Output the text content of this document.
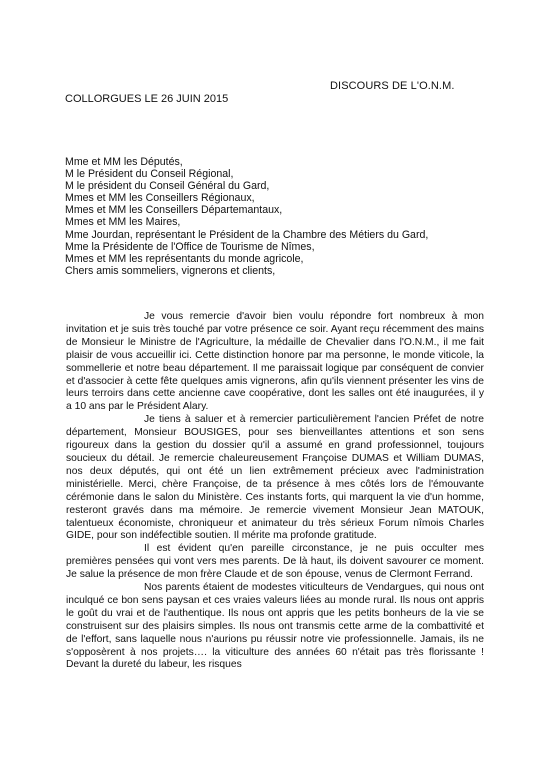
DISCOURS DE L'O.N.M.
COLLORGUES LE 26 JUIN 2015
Mme et MM les Députés,
M le Président du Conseil Régional,
M le président du Conseil Général du Gard,
Mmes et MM les Conseillers Régionaux,
Mmes et MM les Conseillers Départemantaux,
Mmes et MM les Maires,
Mme Jourdan, représentant le Président de la Chambre des Métiers du Gard,
Mme la Présidente de l'Office de Tourisme de Nîmes,
Mmes et MM les représentants du monde agricole,
Chers amis sommeliers, vignerons et clients,

Je vous remercie d'avoir bien voulu répondre fort nombreux à mon invitation et je suis très touché par votre présence ce soir. Ayant reçu récemment des mains de Monsieur le Ministre de l'Agriculture, la médaille de Chevalier dans l'O.N.M., il me fait plaisir de vous accueillir ici. Cette distinction honore par ma personne, le monde viticole, la sommellerie et notre beau département. Il me paraissait logique par conséquent de convier et d'associer à cette fête quelques amis vignerons, afin qu'ils viennent présenter les vins de leurs terroirs dans cette ancienne cave coopérative, dont les salles ont été inaugurées, il y a 10 ans par le Président Alary.

Je tiens à saluer et à remercier particulièrement l'ancien Préfet de notre département, Monsieur BOUSIGES, pour ses bienveillantes attentions et son sens rigoureux dans la gestion du dossier qu'il a assumé en grand professionnel, toujours soucieux du détail. Je remercie chaleureusement Françoise DUMAS et William DUMAS, nos deux députés, qui ont été un lien extrêmement précieux avec l'administration ministérielle. Merci, chère Françoise, de ta présence à mes côtés lors de l'émouvante cérémonie dans le salon du Ministère. Ces instants forts, qui marquent la vie d'un homme, resteront gravés dans ma mémoire. Je remercie vivement Monsieur Jean MATOUK, talentueux économiste, chroniqueur et animateur du très sérieux Forum nîmois Charles GIDE, pour son indéfectible soutien. Il mérite ma profonde gratitude.

Il est évident qu'en pareille circonstance, je ne puis occulter mes premières pensées qui vont vers mes parents. De là haut, ils doivent savourer ce moment. Je salue la présence de mon frère Claude et de son épouse, venus de Clermont Ferrand.

Nos parents étaient de modestes viticulteurs de Vendargues, qui nous ont inculqué ce bon sens paysan et ces vraies valeurs liées au monde rural. Ils nous ont appris le goût du vrai et de l'authentique. Ils nous ont appris que les petits bonheurs de la vie se construisent sur des plaisirs simples. Ils nous ont transmis cette arme de la combattivité et de l'effort, sans laquelle nous n'aurions pu réussir notre vie professionnelle. Jamais, ils ne s'opposèrent à nos projets…. la viticulture des années 60 n'était pas très florissante ! Devant la dureté du labeur, les risques
